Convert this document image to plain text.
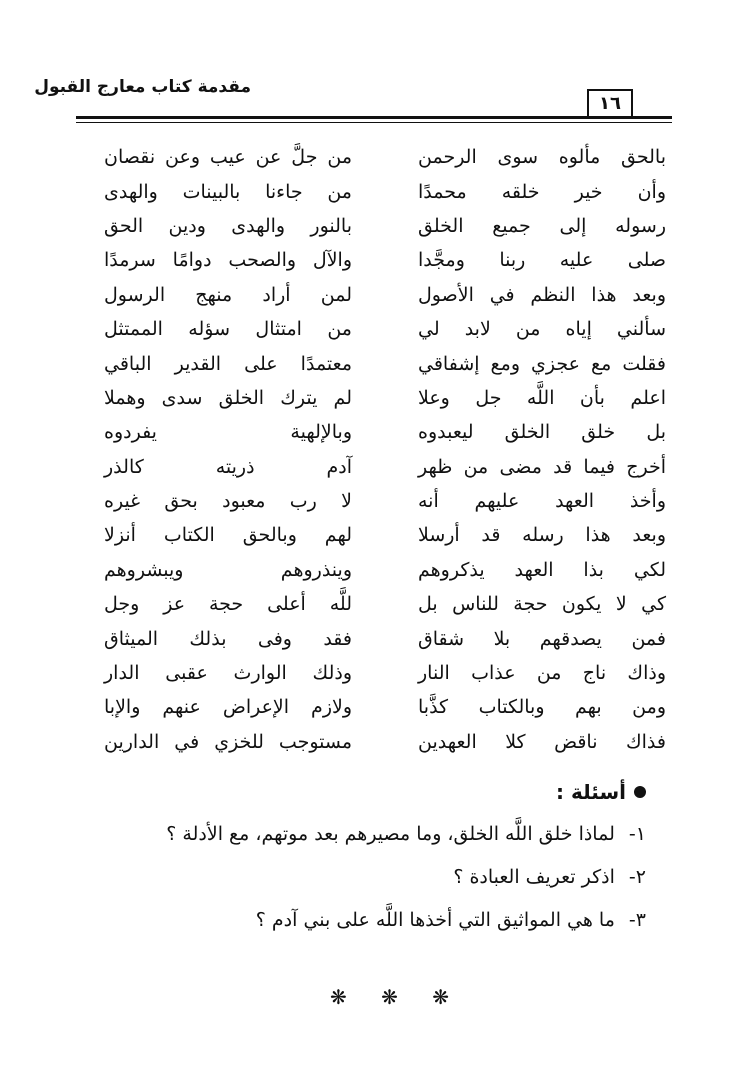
مقدمة كتاب معارج القبول
١٦
بالحق مألوه سوى الرحمن
من جلَّ عن عيب وعن نقصان
وأن خير خلقه محمدًا
من جاءنا بالبينات والهدى
رسوله إلى جميع الخلق
بالنور والهدى ودين الحق
صلى عليه ربنا ومجَّدا
والآل والصحب دوامًا سرمدًا
وبعد هذا النظم في الأصول
لمن أراد منهج الرسول
سألني إياه من لابد لي
من امتثال سؤله الممتثل
فقلت مع عجزي ومع إشفاقي
معتمدًا على القدير الباقي
اعلم بأن اللَّه جل وعلا
لم يترك الخلق سدى وهملا
بل خلق الخلق ليعبدوه
وبالإلهية يفردوه
أخرج فيما قد مضى من ظهر
آدم ذريته كالذر
وأخذ العهد عليهم أنه
لا رب معبود بحق غيره
وبعد هذا رسله قد أرسلا
لهم وبالحق الكتاب أنزلا
لكي بذا العهد يذكروهم
وينذروهم ويبشروهم
كي لا يكون حجة للناس بل
للَّه أعلى حجة عز وجل
فمن يصدقهم بلا شقاق
فقد وفى بذلك الميثاق
وذاك ناج من عذاب النار
وذلك الوارث عقبى الدار
ومن بهم وبالكتاب كذَّبا
ولازم الإعراض عنهم والإبا
فذاك ناقض كلا العهدين
مستوجب للخزي في الدارين
أسئلة :
١- لماذا خلق اللَّه الخلق، وما مصيرهم بعد موتهم، مع الأدلة ؟
٢- اذكر تعريف العبادة ؟
٣- ما هي المواثيق التي أخذها اللَّه على بني آدم ؟
❋ ❋ ❋
